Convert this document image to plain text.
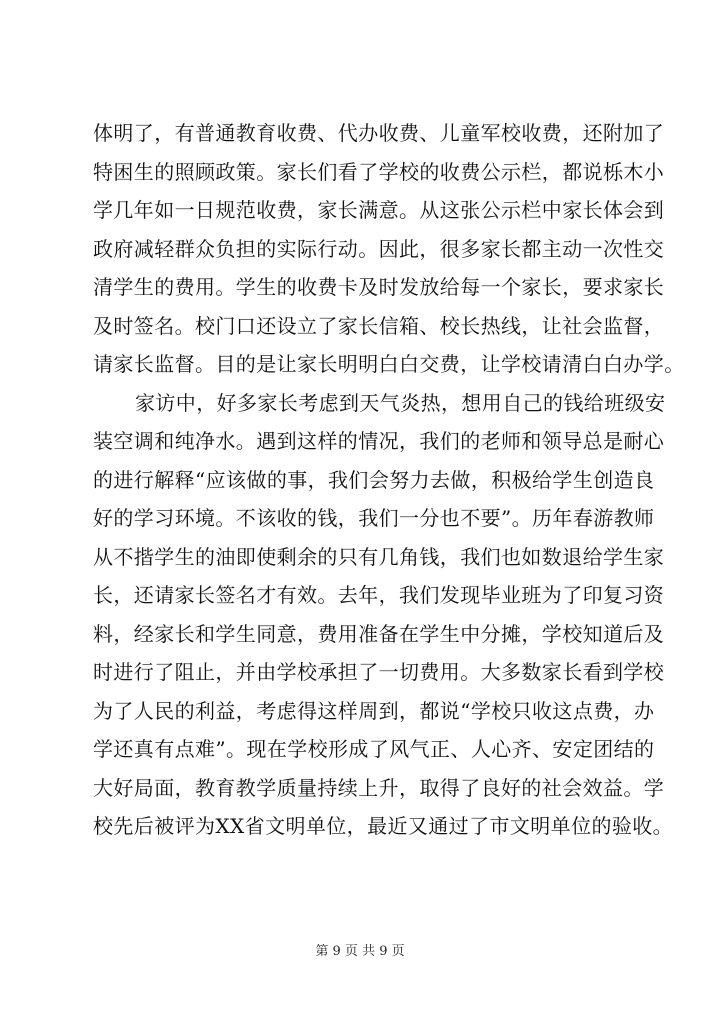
体明了，有普通教育收费、代办收费、儿童军校收费，还附加了
特困生的照顾政策。家长们看了学校的收费公示栏，都说栎木小
学几年如一日规范收费，家长满意。从这张公示栏中家长体会到
政府减轻群众负担的实际行动。因此，很多家长都主动一次性交
清学生的费用。学生的收费卡及时发放给每一个家长，要求家长
及时签名。校门口还设立了家长信箱、校长热线，让社会监督，
请家长监督。目的是让家长明明白白交费，让学校请清白白办学。
家访中，好多家长考虑到天气炎热，想用自己的钱给班级安
装空调和纯净水。遇到这样的情况，我们的老师和领导总是耐心
的进行解释“应该做的事，我们会努力去做，积极给学生创造良
好的学习环境。不该收的钱，我们一分也不要”。历年春游教师
从不揩学生的油即使剩余的只有几角钱，我们也如数退给学生家
长，还请家长签名才有效。去年，我们发现毕业班为了印复习资
料，经家长和学生同意，费用准备在学生中分摊，学校知道后及
时进行了阻止，并由学校承担了一切费用。大多数家长看到学校
为了人民的利益，考虑得这样周到，都说“学校只收这点费，办
学还真有点难”。现在学校形成了风气正、人心齐、安定团结的
大好局面，教育教学质量持续上升，取得了良好的社会效益。学
校先后被评为XX省文明单位，最近又通过了市文明单位的验收。
第 9 页 共 9 页
